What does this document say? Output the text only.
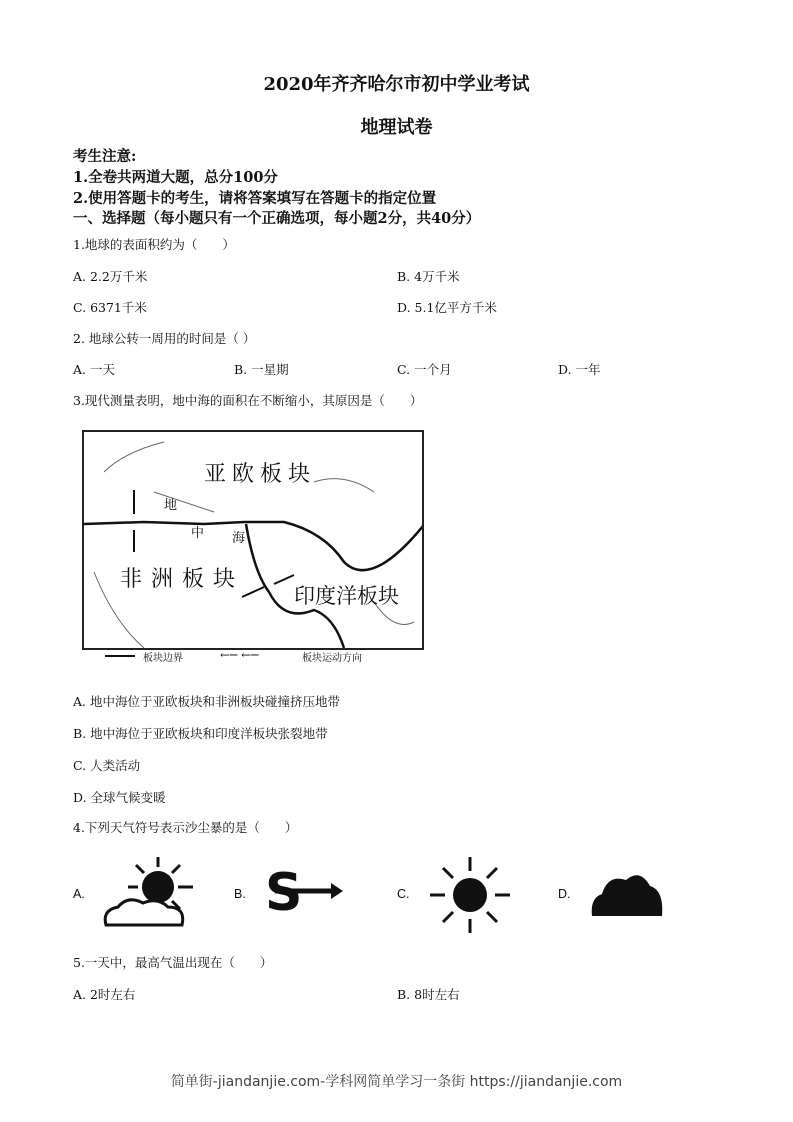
2020年齐齐哈尔市初中学业考试
地理试卷
考生注意:
1.全卷共两道大题，总分100分
2.使用答题卡的考生，请将答案填写在答题卡的指定位置
一、选择题（每小题只有一个正确选项，每小题2分，共40分）
1.地球的表面积约为（　　）
A. 2.2万千米	B. 4万千米
C. 6371千米	D. 5.1亿平方千米
2. 地球公转一周用的时间是（ ）
A. 一天	B. 一星期	C. 一个月	D. 一年
3.现代测量表明，地中海的面积在不断缩小，其原因是（　　）
亚欧板块
非洲板块
印度洋板块
地
中 海
板块边界	←─ ←─	板块运动方向
A. 地中海位于亚欧板块和非洲板块碰撞挤压地带
B. 地中海位于亚欧板块和印度洋板块张裂地带
C. 人类活动
D. 全球气候变暖
4.下列天气符号表示沙尘暴的是（　　）
A.	B. S	C.	D.
5.一天中，最高气温出现在（　　）
A. 2时左右	B. 8时左右
简单街-jiandanjie.com-学科网简单学习一条街 https://jiandanjie.com
